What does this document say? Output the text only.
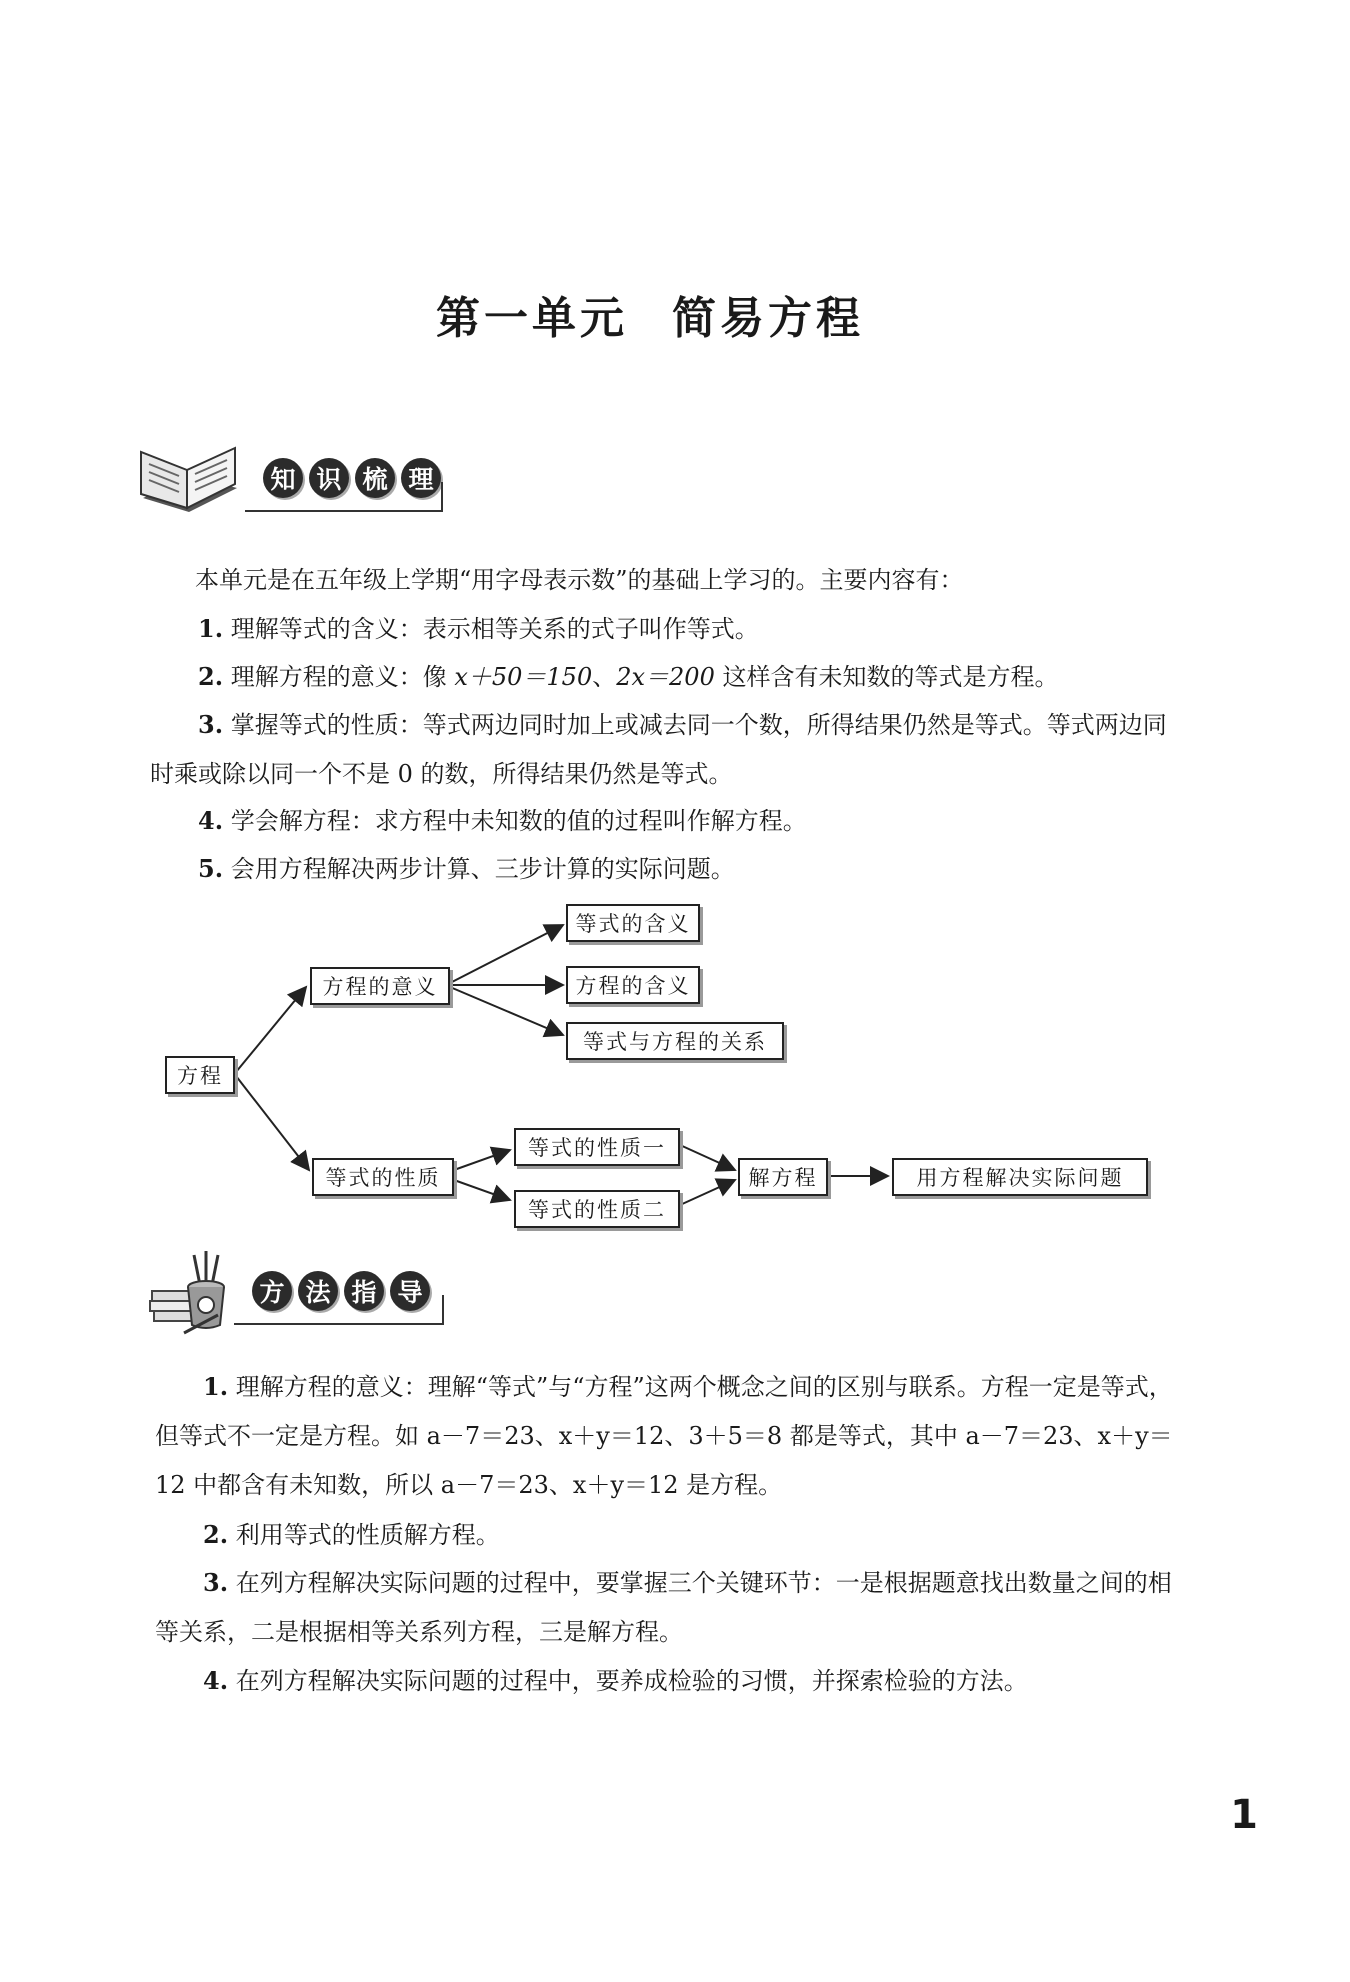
第一单元 简易方程
知 识 梳 理

本单元是在五年级上学期“用字母表示数”的基础上学习的。主要内容有：

1. 理解等式的含义：表示相等关系的式子叫作等式。

2. 理解方程的意义：像 x＋50＝150、2x＝200 这样含有未知数的等式是方程。

3. 掌握等式的性质：等式两边同时加上或减去同一个数，所得结果仍然是等式。等式两边同时乘或除以同一个不是 0 的数，所得结果仍然是等式。

4. 学会解方程：求方程中未知数的值的过程叫作解方程。

5. 会用方程解决两步计算、三步计算的实际问题。

方程
方程的意义
等式的含义
方程的含义
等式与方程的关系
等式的性质
等式的性质一
等式的性质二
解方程	用方程解决实际问题
方 法 指 导

1. 理解方程的意义：理解“等式”与“方程”这两个概念之间的区别与联系。方程一定是等式，但等式不一定是方程。如 a－7＝23、x＋y＝12、3＋5＝8 都是等式，其中 a－7＝23、x＋y＝12 中都含有未知数，所以 a－7＝23、x＋y＝12 是方程。

2. 利用等式的性质解方程。

3. 在列方程解决实际问题的过程中，要掌握三个关键环节：一是根据题意找出数量之间的相等关系，二是根据相等关系列方程，三是解方程。

4. 在列方程解决实际问题的过程中，要养成检验的习惯，并探索检验的方法。

1
